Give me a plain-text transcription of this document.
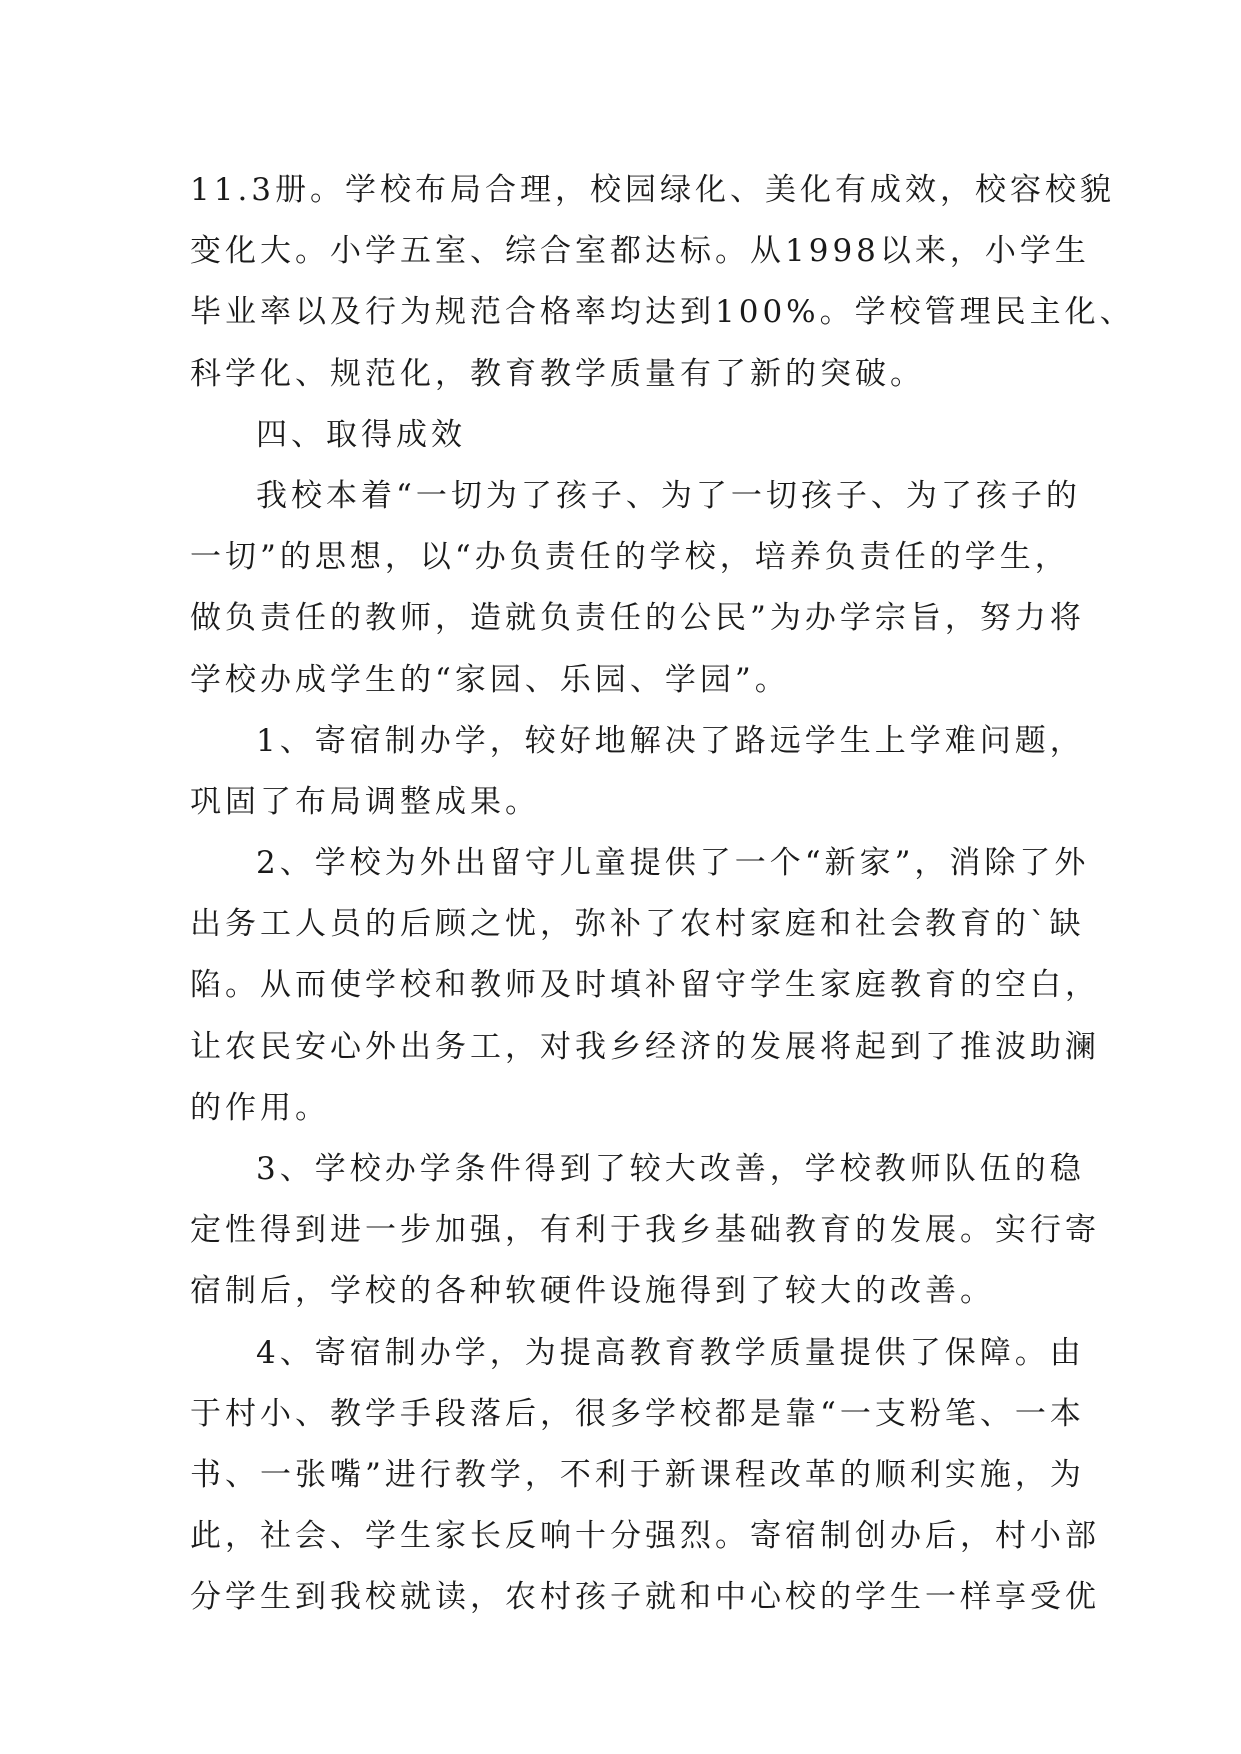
11.3册。学校布局合理，校园绿化、美化有成效，校容校貌
变化大。小学五室、综合室都达标。从1998以来，小学生
毕业率以及行为规范合格率均达到100%。学校管理民主化、
科学化、规范化，教育教学质量有了新的突破。
四、取得成效
我校本着“一切为了孩子、为了一切孩子、为了孩子的
一切”的思想，以“办负责任的学校，培养负责任的学生，
做负责任的教师，造就负责任的公民”为办学宗旨，努力将
学校办成学生的“家园、乐园、学园”。
1、寄宿制办学，较好地解决了路远学生上学难问题，
巩固了布局调整成果。
2、学校为外出留守儿童提供了一个“新家”，消除了外
出务工人员的后顾之忧，弥补了农村家庭和社会教育的`缺
陷。从而使学校和教师及时填补留守学生家庭教育的空白，
让农民安心外出务工，对我乡经济的发展将起到了推波助澜
的作用。
3、学校办学条件得到了较大改善，学校教师队伍的稳
定性得到进一步加强，有利于我乡基础教育的发展。实行寄
宿制后，学校的各种软硬件设施得到了较大的改善。
4、寄宿制办学，为提高教育教学质量提供了保障。由
于村小、教学手段落后，很多学校都是靠“一支粉笔、一本
书、一张嘴”进行教学，不利于新课程改革的顺利实施，为
此，社会、学生家长反响十分强烈。寄宿制创办后，村小部
分学生到我校就读，农村孩子就和中心校的学生一样享受优
